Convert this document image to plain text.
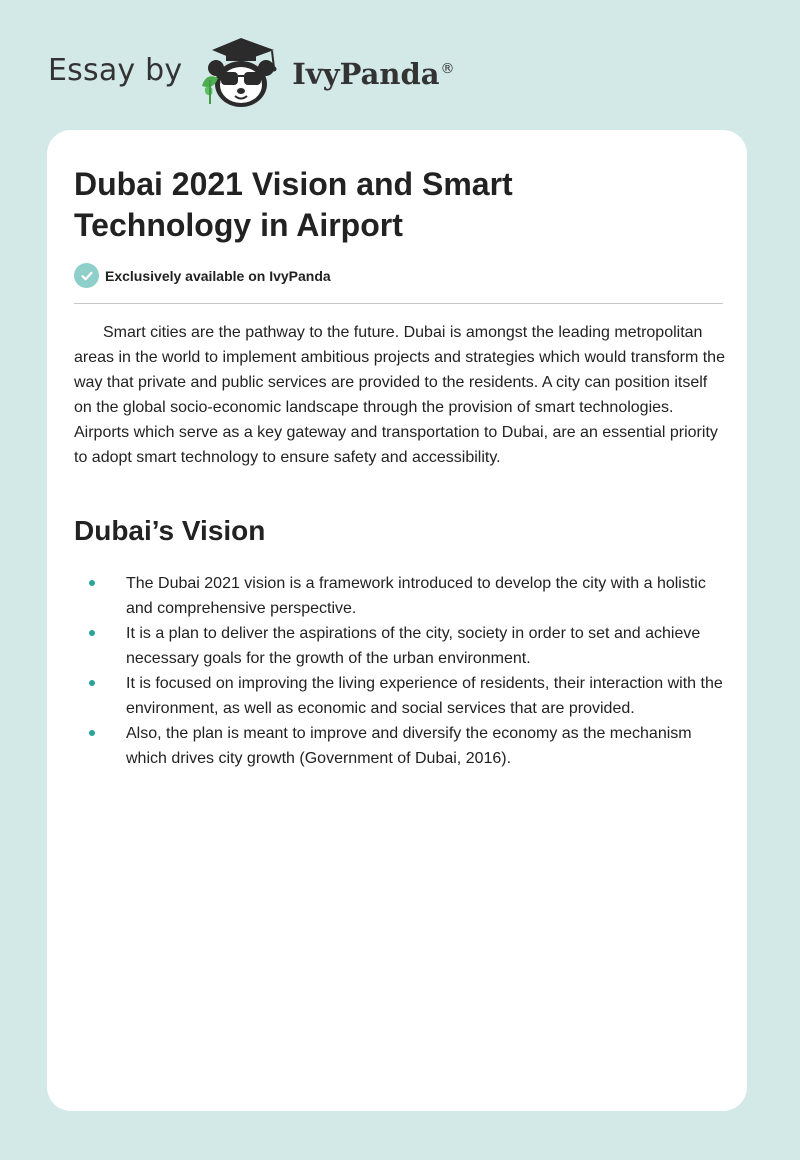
Essay by	IvyPanda®
Dubai 2021 Vision and Smart Technology in Airport
Exclusively available on IvyPanda

Smart cities are the pathway to the future. Dubai is amongst the leading metropolitan areas in the world to implement ambitious projects and strategies which would transform the way that private and public services are provided to the residents. A city can position itself on the global socio-economic landscape through the provision of smart technologies. Airports which serve as a key gateway and transportation to Dubai, are an essential priority to adopt smart technology to ensure safety and accessibility.

Dubai’s Vision
The Dubai 2021 vision is a framework introduced to develop the city with a holistic and comprehensive perspective.
It is a plan to deliver the aspirations of the city, society in order to set and achieve necessary goals for the growth of the urban environment.
It is focused on improving the living experience of residents, their interaction with the environment, as well as economic and social services that are provided.
Also, the plan is meant to improve and diversify the economy as the mechanism which drives city growth (Government of Dubai, 2016).
